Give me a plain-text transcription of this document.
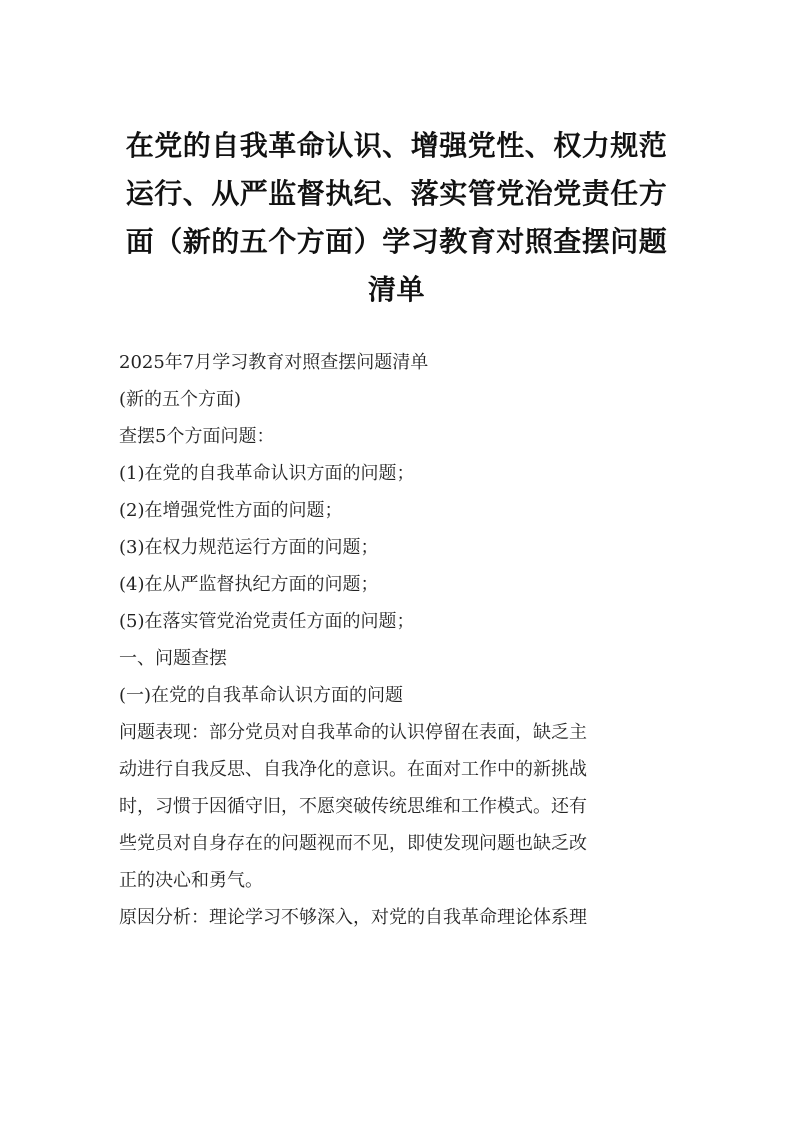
在党的自我革命认识、增强党性、权力规范
运行、从严监督执纪、落实管党治党责任方
面（新的五个方面）学习教育对照查摆问题
清单

2025年7月学习教育对照查摆问题清单

(新的五个方面)

查摆5个方面问题：

(1)在党的自我革命认识方面的问题；

(2)在增强党性方面的问题；

(3)在权力规范运行方面的问题；

(4)在从严监督执纪方面的问题；

(5)在落实管党治党责任方面的问题；

一、问题查摆

(一)在党的自我革命认识方面的问题

问题表现：部分党员对自我革命的认识停留在表面，缺乏主
动进行自我反思、自我净化的意识。在面对工作中的新挑战
时，习惯于因循守旧，不愿突破传统思维和工作模式。还有
些党员对自身存在的问题视而不见，即使发现问题也缺乏改
正的决心和勇气。

原因分析：理论学习不够深入，对党的自我革命理论体系理
